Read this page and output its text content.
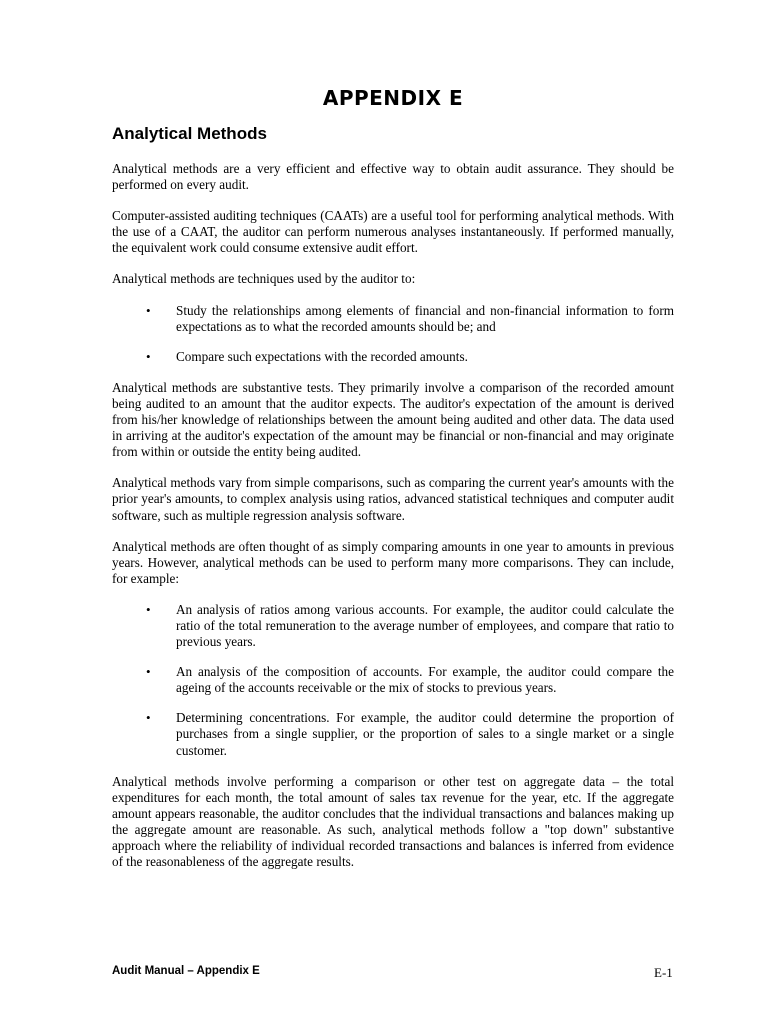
APPENDIX E
Analytical Methods

Analytical methods are a very efficient and effective way to obtain audit assurance. They should be performed on every audit.

Computer-assisted auditing techniques (CAATs) are a useful tool for performing analytical methods. With the use of a CAAT, the auditor can perform numerous analyses instantaneously. If performed manually, the equivalent work could consume extensive audit effort.

Analytical methods are techniques used by the auditor to:

• Study the relationships among elements of financial and non-financial information to form expectations as to what the recorded amounts should be; and
• Compare such expectations with the recorded amounts.

Analytical methods are substantive tests. They primarily involve a comparison of the recorded amount being audited to an amount that the auditor expects. The auditor's expectation of the amount is derived from his/her knowledge of relationships between the amount being audited and other data. The data used in arriving at the auditor's expectation of the amount may be financial or non-financial and may originate from within or outside the entity being audited.

Analytical methods vary from simple comparisons, such as comparing the current year's amounts with the prior year's amounts, to complex analysis using ratios, advanced statistical techniques and computer audit software, such as multiple regression analysis software.

Analytical methods are often thought of as simply comparing amounts in one year to amounts in previous years. However, analytical methods can be used to perform many more comparisons. They can include, for example:

• An analysis of ratios among various accounts. For example, the auditor could calculate the ratio of the total remuneration to the average number of employees, and compare that ratio to previous years.
• An analysis of the composition of accounts. For example, the auditor could compare the ageing of the accounts receivable or the mix of stocks to previous years.
• Determining concentrations. For example, the auditor could determine the proportion of purchases from a single supplier, or the proportion of sales to a single market or a single customer.

Analytical methods involve performing a comparison or other test on aggregate data – the total expenditures for each month, the total amount of sales tax revenue for the year, etc. If the aggregate amount appears reasonable, the auditor concludes that the individual transactions and balances making up the aggregate amount are reasonable. As such, analytical methods follow a "top down" substantive approach where the reliability of individual recorded transactions and balances is inferred from evidence of the reasonableness of the aggregate results.

Audit Manual – Appendix E	E-1
